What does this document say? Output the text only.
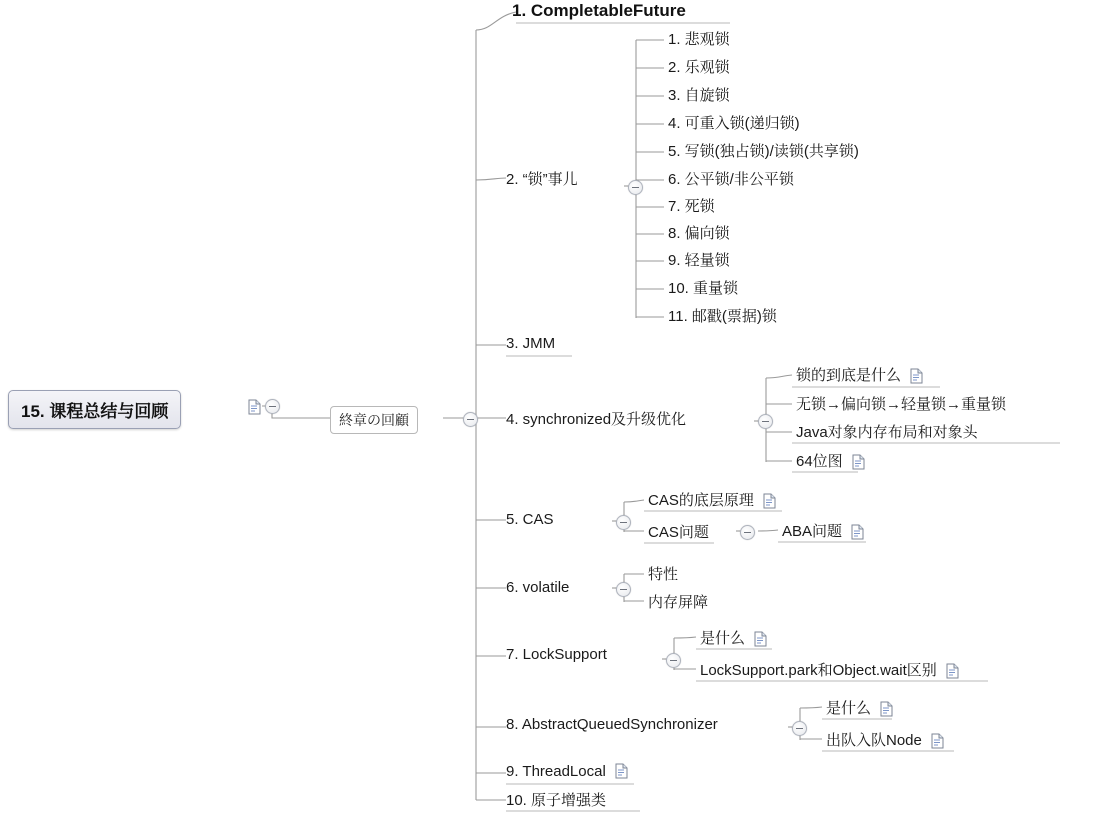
15. 课程总结与回顾	終章の回顧
1. CompletableFuture
2. “锁”事儿
1. 悲观锁
2. 乐观锁
3. 自旋锁
4. 可重入锁(递归锁)
5. 写锁(独占锁)/读锁(共享锁)
6. 公平锁/非公平锁
7. 死锁
8. 偏向锁
9. 轻量锁
10. 重量锁
11. 邮戳(票据)锁
3. JMM
4. synchronized及升级优化
锁的到底是什么
无锁→偏向锁→轻量锁→重量锁
Java对象内存布局和对象头
64位图
5. CAS
CAS的底层原理
CAS问题	ABA问题
6. volatile
特性
内存屏障
7. LockSupport
是什么
LockSupport.park和Object.wait区别
8. AbstractQueuedSynchronizer
是什么
出队入队Node
9. ThreadLocal
10. 原子增强类
